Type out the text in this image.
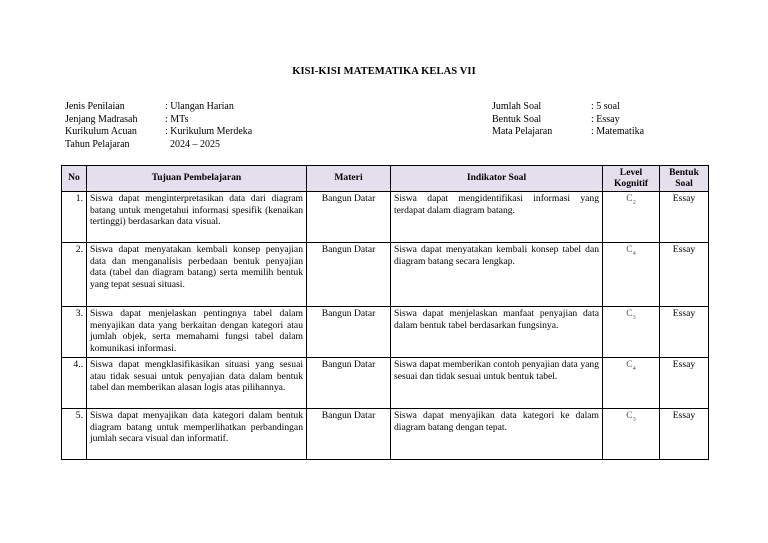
KISI-KISI MATEMATIKA KELAS VII
Jenis Penilaian	: Ulangan Harian
Jenjang Madrasah	: MTs
Kurikulum Acuan	: Kurikulum Merdeka
Tahun Pelajaran	2024 – 2025
Jumlah Soal	: 5 soal
Bentuk Soal	: Essay
Mata Pelajaran	: Matematika
No	Tujuan Pembelajaran	Materi	Indikator Soal	Level Kognitif	Bentuk Soal
1.	Siswa dapat menginterpretasikan data dari diagram batang untuk mengetahui informasi spesifik (kenaikan tertinggi) berdasarkan data visual.	Bangun Datar	Siswa dapat mengidentifikasi informasi yang terdapat dalam diagram batang.	$C_2$	Essay
2.	Siswa dapat menyatakan kembali konsep penyajian data dan menganalisis perbedaan bentuk penyajian data (tabel dan diagram batang) serta memilih bentuk yang tepat sesuai situasi.	Bangun Datar	Siswa dapat menyatakan kembali konsep tabel dan diagram batang secara lengkap.	$C_4$	Essay
3.	Siswa dapat menjelaskan pentingnya tabel dalam menyajikan data yang berkaitan dengan kategori atau jumlah objek, serta memahami fungsi tabel dalam komunikasi informasi.	Bangun Datar	Siswa dapat menjelaskan manfaat penyajian data dalam bentuk tabel berdasarkan fungsinya.	$C_3$	Essay
4..	Siswa dapat mengklasifikasikan situasi yang sesuai atau tidak sesuai untuk penyajian data dalam bentuk tabel dan memberikan alasan logis atas pilihannya.	Bangun Datar	Siswa dapat memberikan contoh penyajian data yang sesuai dan tidak sesuai untuk bentuk tabel.	$C_4$	Essay
5.	Siswa dapat menyajikan data kategori dalam bentuk diagram batang untuk memperlihatkan perbandingan jumlah secara visual dan informatif.	Bangun Datar	Siswa dapat menyajikan data kategori ke dalam diagram batang dengan tepat.	$C_3$	Essay
